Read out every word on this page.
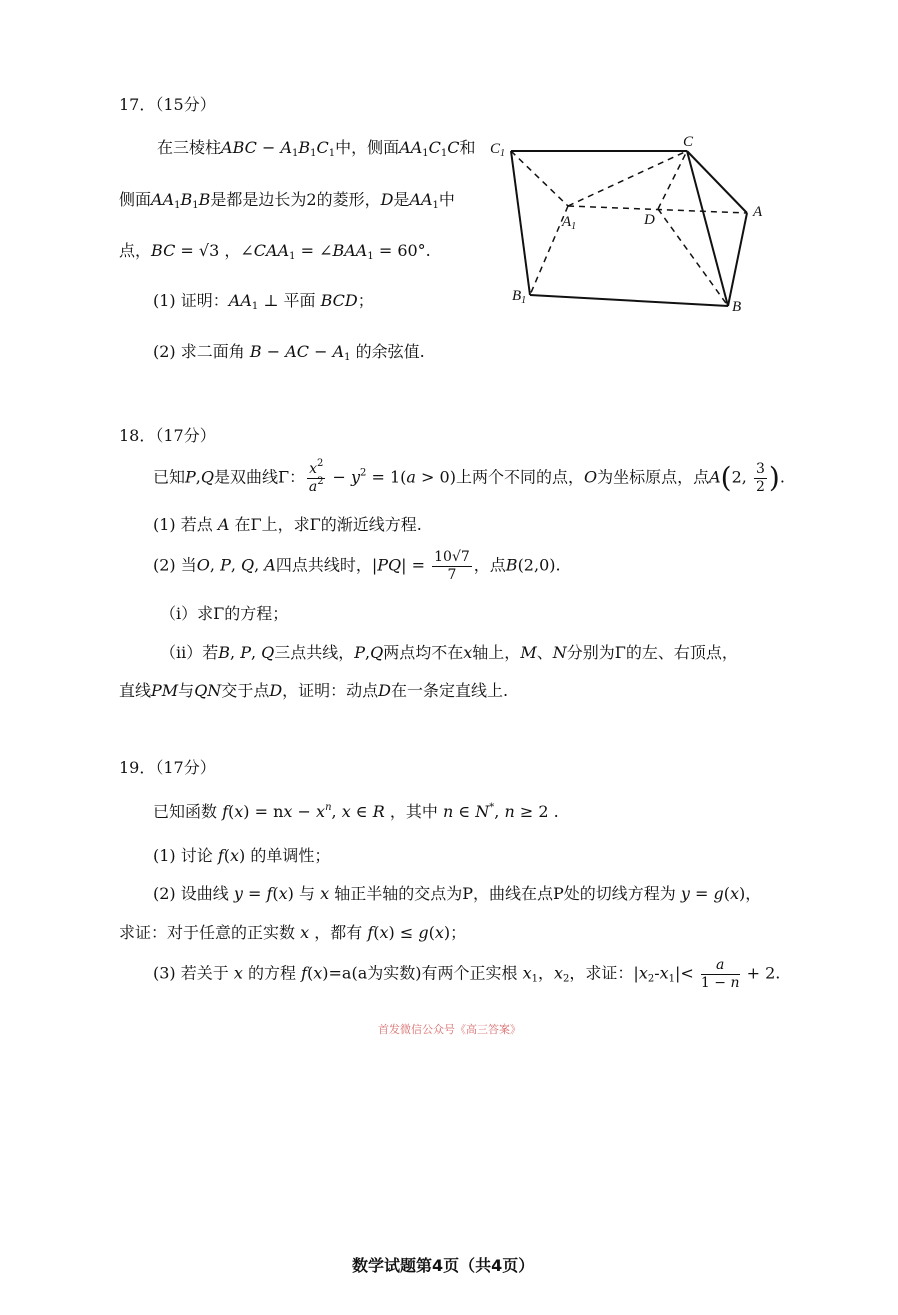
17．（15分）
在三棱柱ABC − $A_1B_1C_1$中，侧面$AA_1C_1C$和
侧面$AA_1B_1B$是都是边长为2的菱形，D是$AA_1$中
点，BC = √3 ，$\angle CAA_1$ = $\angle BAA_1 = 60^\circ$.
(1) 证明：$AA_1$ ⊥ 平面 BCD；
(2) 求二面角 B − AC − $A_1$ 的余弦值.
$C_1$
C
$A_1$	D	A
$B_1$	B
18．（17分）
已知P,Q是双曲线Γ： $\frac{x^2}{a^2} - y^2 = 1(a > 0)$上两个不同的点，O为坐标原点，点A(2, $\frac{3}{2}$ ).
(1) 若点 A 在Γ上，求Γ的渐近线方程.
(2) 当O, P, Q, A四点共线时，$|PQ| = \frac{10√7}{7}$ ，点B(2,0).
（i）求Γ的方程；
（ii）若B, P, Q三点共线，P,Q两点均不在x轴上，M、N分别为Γ的左、右顶点，
直线PM与QN交于点D，证明：动点D在一条定直线上.
19．（17分）
已知函数 f(x) = nx − $x^n$, x ∈ R ，其中 n ∈ N*, n ≥ 2 .
(1) 讨论 f(x) 的单调性；
(2) 设曲线 y = f(x) 与 x 轴正半轴的交点为P，曲线在点P处的切线方程为 y = g(x)，
求证：对于任意的正实数 x ，都有 f(x) ≤ g(x)；
(3) 若关于 x 的方程 f(x)=a(a为实数)有两个正实根 $x_1$，$x_2$，求证：$|x_2-x_1|< \frac{a}{1 - n} + 2$.
首发微信公众号《高三答案》
数学试题第4页（共4页）
